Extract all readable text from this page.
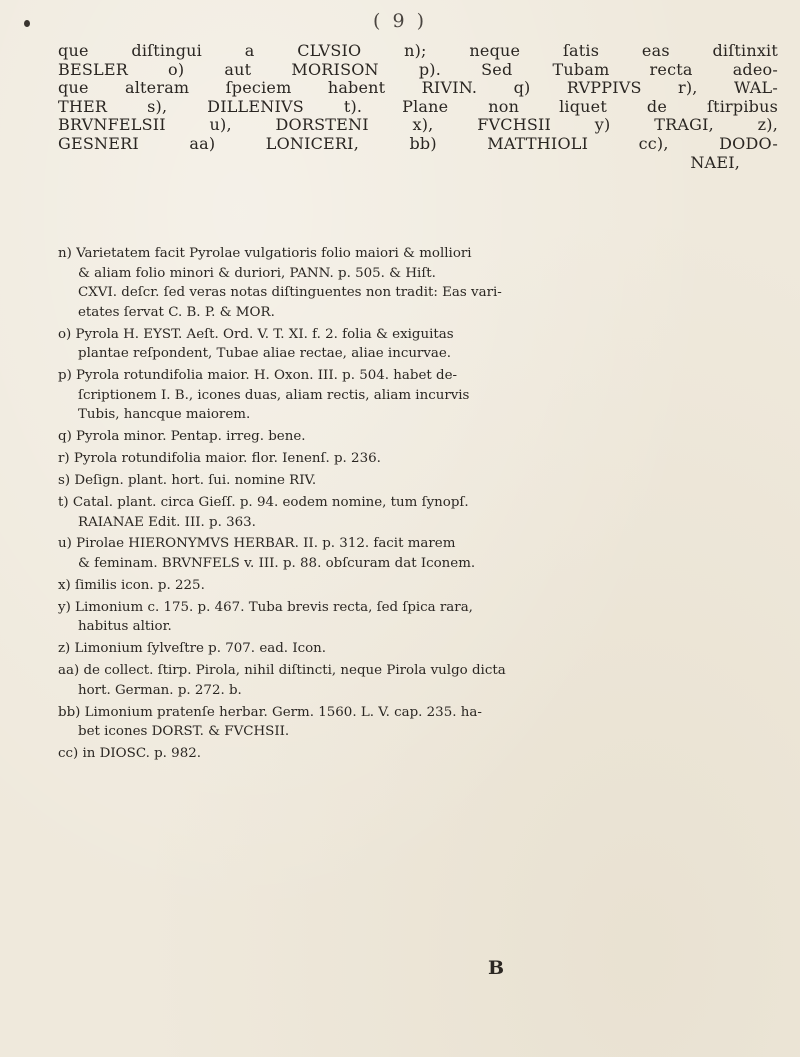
( 9 )
que diſtingui a CLVSIO n); neque ſatis eas diſtinxit
BESLER o) aut MORISON p). Sed Tubam recta adeo-
que alteram ſpeciem habent RIVIN. q) RVPPIVS r), WAL-
THER s), DILLENIVS t). Plane non liquet de ſtirpibus
BRVNFELSII u), DORSTENI x), FVCHSII y) TRAGI, z),
GESNERI aa) LONICERI, bb) MATTHIOLI cc), DODO-
NAEI,
n) Varietatem facit Pyrolae vulgatioris folio maiori & molliori
& aliam folio minori & duriori, PANN. p. 505. & Hiſt.
CXVI. deſcr. ſed veras notas diſtinguentes non tradit: Eas vari-
etates ſervat C. B. P. & MOR.
o) Pyrola H. EYST. Aeſt. Ord. V. T. XI. f. 2. folia & exiguitas
plantae reſpondent, Tubae aliae rectae, aliae incurvae.
p) Pyrola rotundifolia maior. H. Oxon. III. p. 504. habet de-
ſcriptionem I. B., icones duas, aliam rectis, aliam incurvis
Tubis, hancque maiorem.
q) Pyrola minor. Pentap. irreg. bene.
r) Pyrola rotundifolia maior. flor. Ienenſ. p. 236.
s) Deſign. plant. hort. ſui. nomine RIV.
t) Catal. plant. circa Gieſſ. p. 94. eodem nomine, tum ſynopſ.
RAIANAE Edit. III. p. 363.
u) Pirolae HIERONYMVS HERBAR. II. p. 312. facit marem
& feminam. BRVNFELS v. III. p. 88. obſcuram dat Iconem.
x) ſimilis icon. p. 225.
y) Limonium c. 175. p. 467. Tuba brevis recta, ſed ſpica rara,
habitus altior.
z) Limonium ſylveſtre p. 707. ead. Icon.
aa) de collect. ſtirp. Pirola, nihil diſtincti, neque Pirola vulgo dicta
hort. German. p. 272. b.
bb) Limonium pratenſe herbar. Germ. 1560. L. V. cap. 235. ha-
bet icones DORST. & FVCHSII.
cc) in DIOSC. p. 982.
B
